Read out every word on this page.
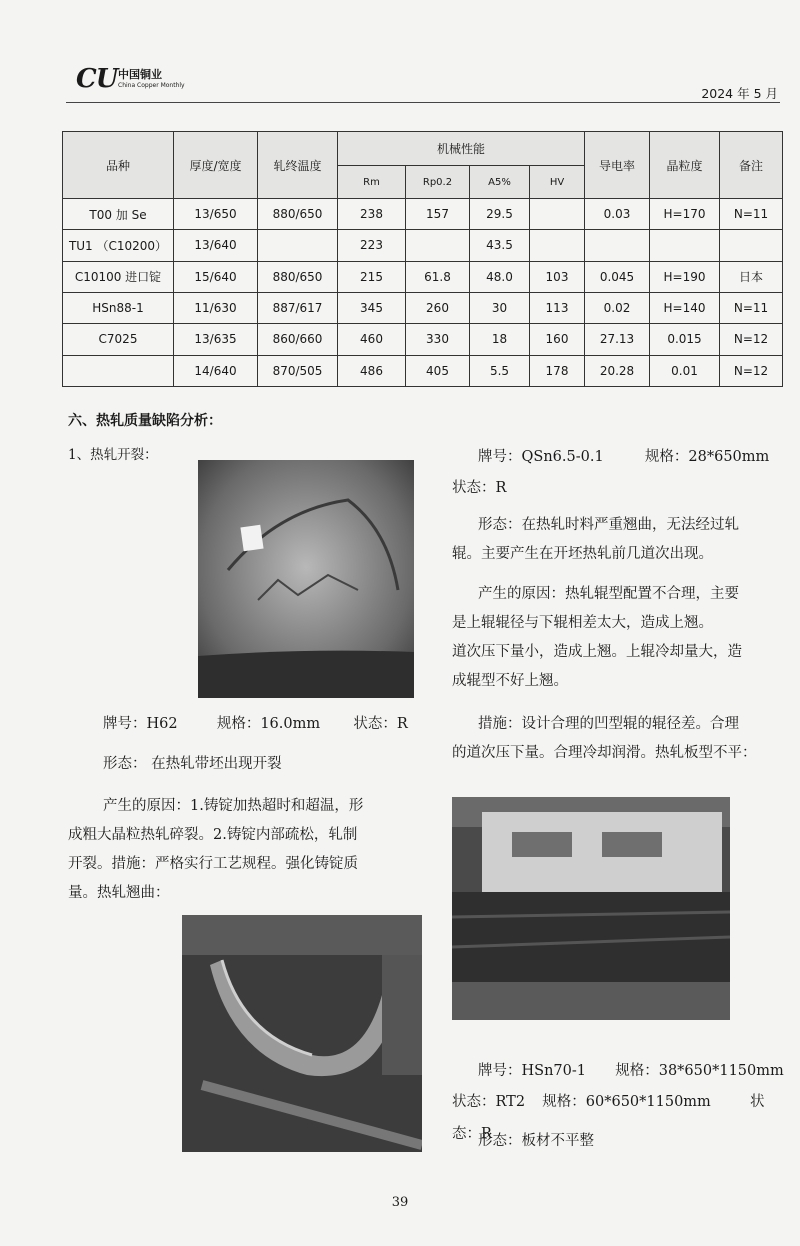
CU 中国铜业
China Copper Monthly
2024 年 5 月
品种	厚度/宽度	轧终温度	机械性能				导电率	晶粒度	备注
			Rm	Rp0.2	A5%	HV			
T00 加 Se	13/650	880/650	238	157	29.5		0.03	H=170	N=11
TU1 （C10200）	13/640		223		43.5				
C10100 进口锭	15/640	880/650	215	61.8	48.0	103	0.045	H=190	日本
HSn88-1	11/630	887/617	345	260	30	113	0.02	H=140	N=11
C7025	13/635	860/660	460	330	18	160	27.13	0.015	N=12
	14/640	870/505	486	405	5.5	178	20.28	0.01	N=12
六、热轧质量缺陷分析：
1、热轧开裂：
牌号：H62	规格：16.0mm 状态：R
形态： 在热轧带坯出现开裂
产生的原因：1.铸锭加热超时和超温，形
成粗大晶粒热轧碎裂。2.铸锭内部疏松，轧制
开裂。措施：严格实行工艺规程。强化铸锭质
量。热轧翘曲：
牌号：QSn6.5-0.1	规格：28*650mm
状态：R
形态：在热轧时料严重翘曲，无法经过轧
辊。主要产生在开坯热轧前几道次出现。
产生的原因：热轧辊型配置不合理，主要
是上辊辊径与下辊相差太大，造成上翘。
道次压下量小，造成上翘。上辊冷却量大，造
成辊型不好上翘。
措施：设计合理的凹型辊的辊径差。合理
的道次压下量。合理冷却润滑。热轧板型不平：
牌号：HSn70-1 规格：38*650*1150mm
状态：RT2 规格：60*650*1150mm	状态：R
形态：板材不平整
39
